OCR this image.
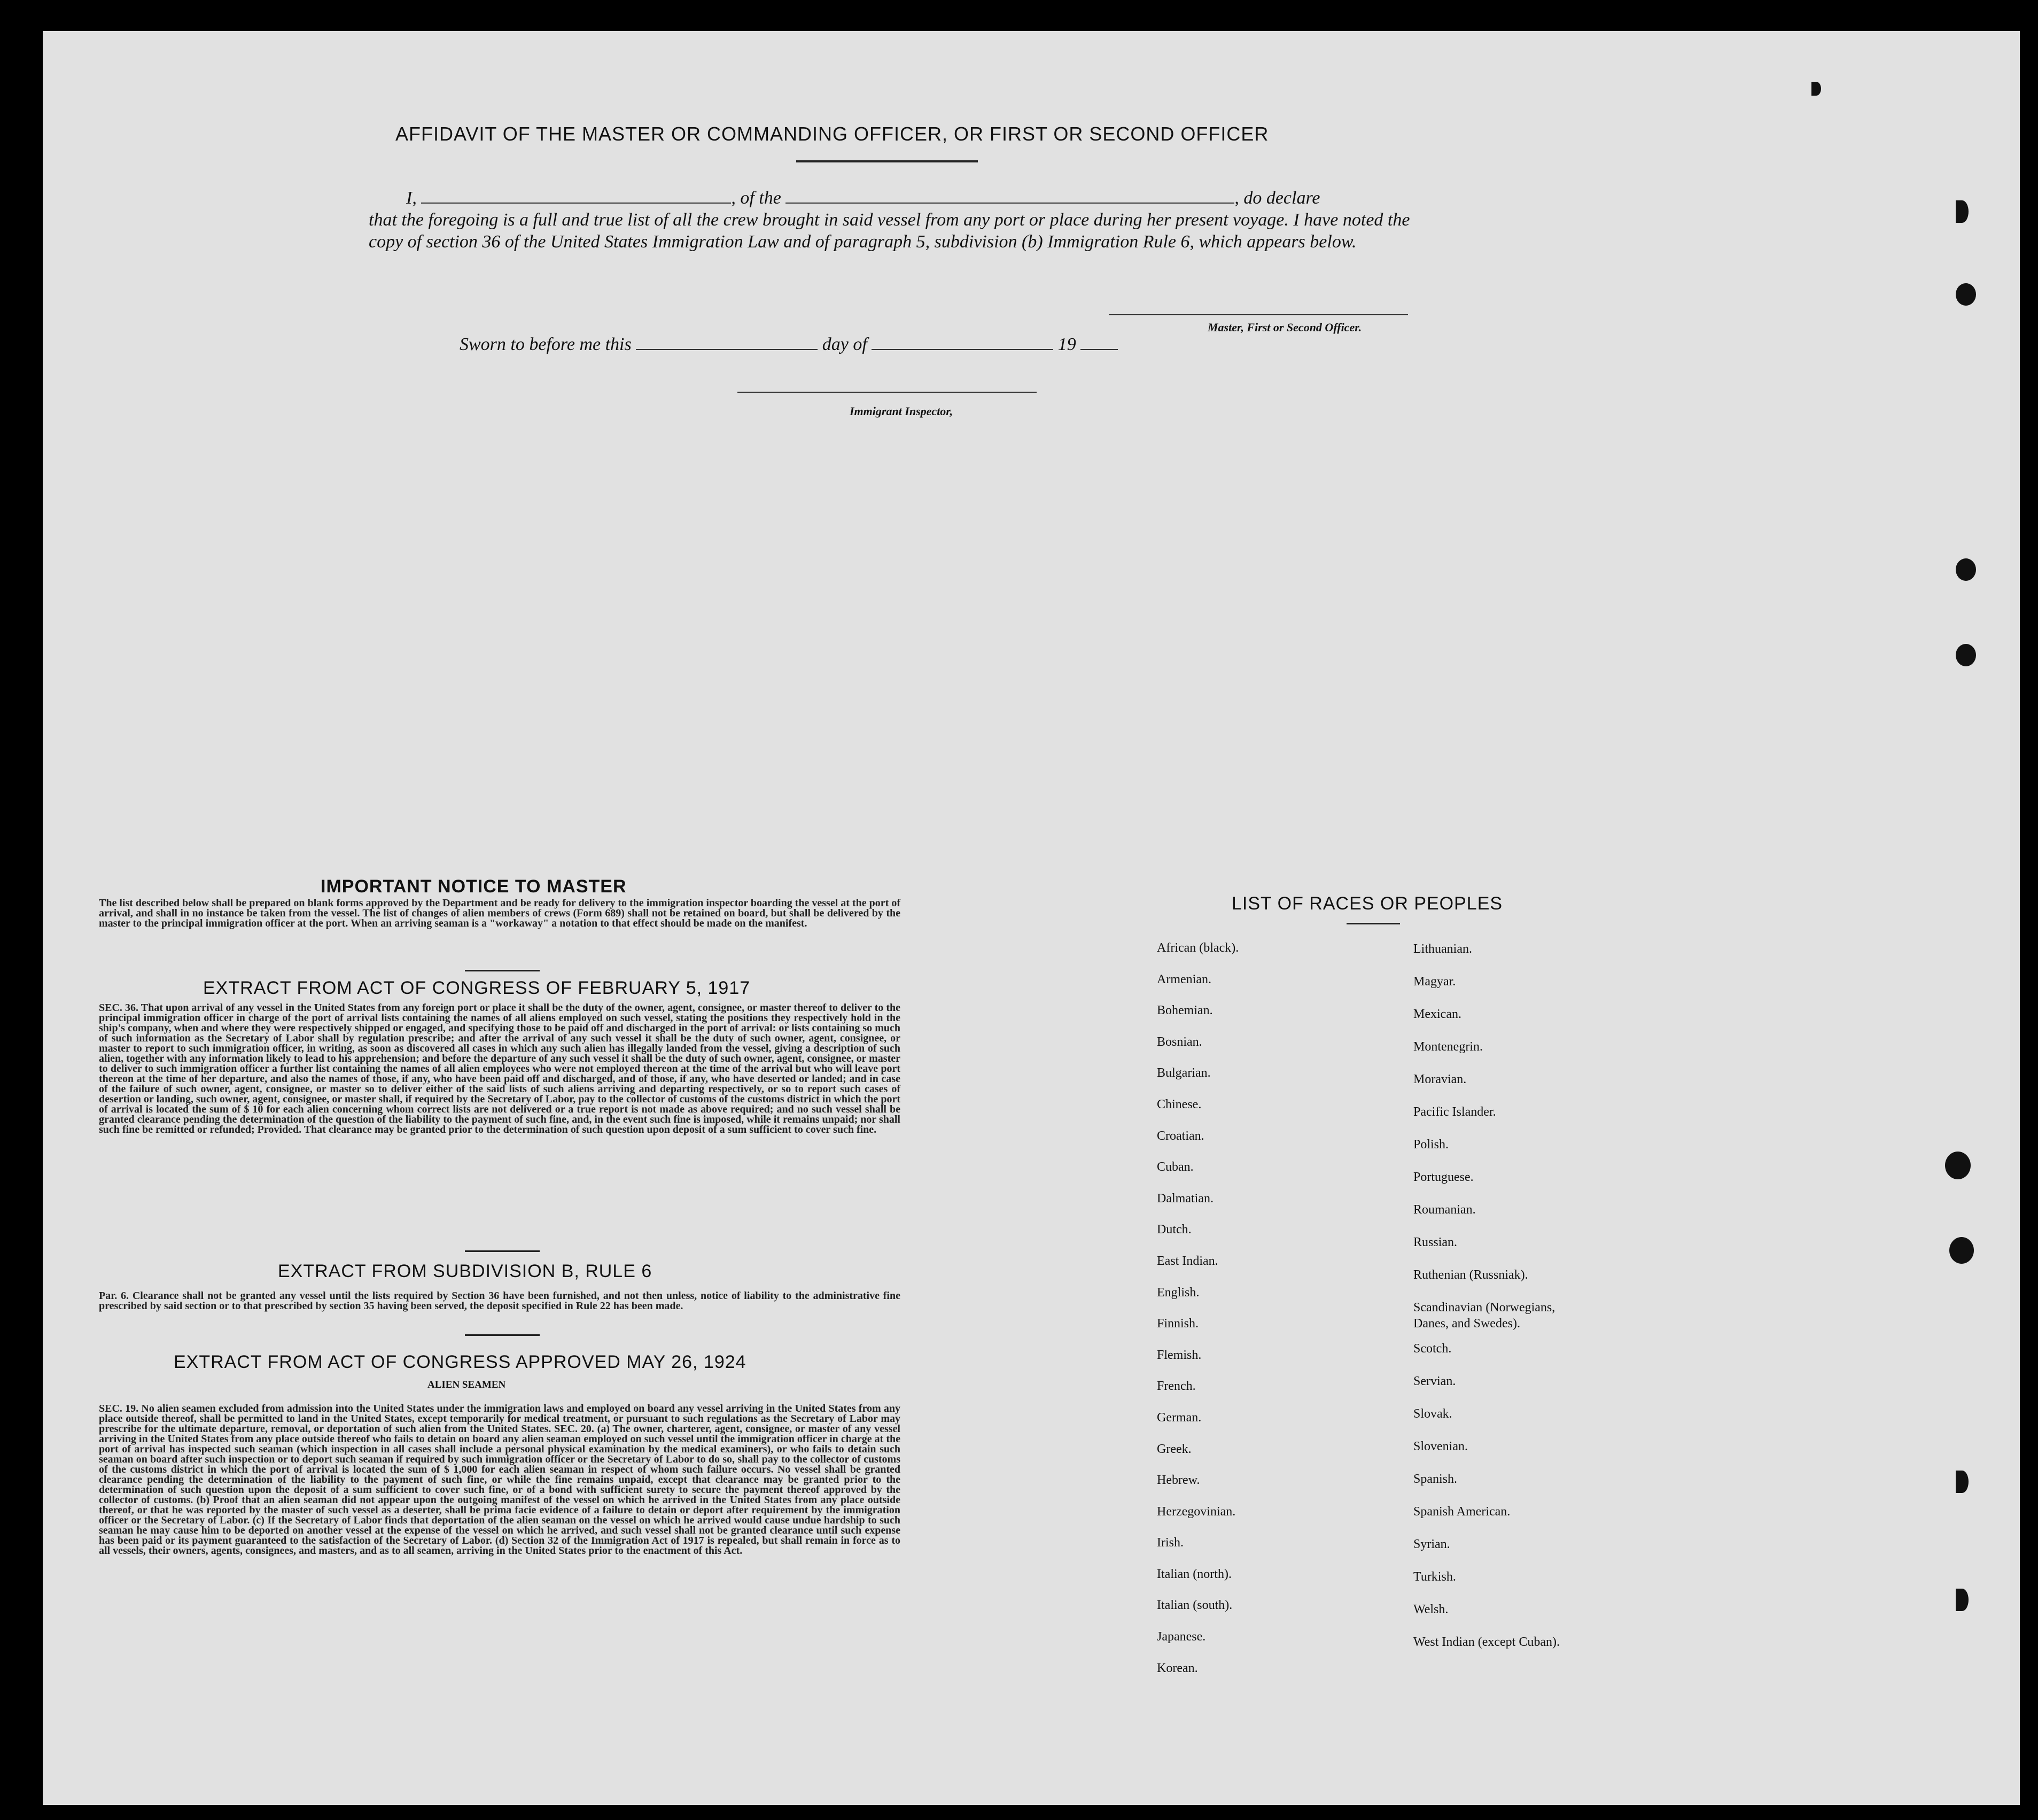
AFFIDAVIT OF THE MASTER OR COMMANDING OFFICER, OR FIRST OR SECOND OFFICER
I,	, of the	, do declare
that the foregoing is a full and true list of all the crew brought in said vessel from any port or place during her present voyage. I have noted the copy of section 36 of the United States Immigration Law and of paragraph 5, subdivision (b) Immigration Rule 6, which appears below.
Master, First or Second Officer.
Sworn to before me this	day of	19
Immigrant Inspector,
IMPORTANT NOTICE TO MASTER
The list described below shall be prepared on blank forms approved by the Department and be ready for delivery to the immigration inspector boarding the vessel at the port of arrival, and shall in no instance be taken from the vessel. The list of changes of alien members of crews (Form 689) shall not be retained on board, but shall be delivered by the master to the principal immigration officer at the port. When an arriving seaman is a "workaway" a notation to that effect should be made on the manifest.
EXTRACT FROM ACT OF CONGRESS OF FEBRUARY 5, 1917
SEC. 36. That upon arrival of any vessel in the United States from any foreign port or place it shall be the duty of the owner, agent, consignee, or master thereof to deliver to the principal immigration officer in charge of the port of arrival lists containing the names of all aliens employed on such vessel, stating the positions they respectively hold in the ship's company, when and where they were respectively shipped or engaged, and specifying those to be paid off and discharged in the port of arrival: or lists containing so much of such information as the Secretary of Labor shall by regulation prescribe; and after the arrival of any such vessel it shall be the duty of such owner, agent, consignee, or master to report to such immigration officer, in writing, as soon as discovered all cases in which any such alien has illegally landed from the vessel, giving a description of such alien, together with any information likely to lead to his apprehension; and before the departure of any such vessel it shall be the duty of such owner, agent, consignee, or master to deliver to such immigration officer a further list containing the names of all alien employees who were not employed thereon at the time of the arrival but who will leave port thereon at the time of her departure, and also the names of those, if any, who have been paid off and discharged, and of those, if any, who have deserted or landed; and in case of the failure of such owner, agent, consignee, or master so to deliver either of the said lists of such aliens arriving and departing respectively, or so to report such cases of desertion or landing, such owner, agent, consignee, or master shall, if required by the Secretary of Labor, pay to the collector of customs of the customs district in which the port of arrival is located the sum of $ 10 for each alien concerning whom correct lists are not delivered or a true report is not made as above required; and no such vessel shall be granted clearance pending the determination of the question of the liability to the payment of such fine, and, in the event such fine is imposed, while it remains unpaid; nor shall such fine be remitted or refunded; Provided. That clearance may be granted prior to the determination of such question upon deposit of a sum sufficient to cover such fine.
EXTRACT FROM SUBDIVISION B, RULE 6
Par. 6. Clearance shall not be granted any vessel until the lists required by Section 36 have been furnished, and not then unless, notice of liability to the administrative fine prescribed by said section or to that prescribed by section 35 having been served, the deposit specified in Rule 22 has been made.
EXTRACT FROM ACT OF CONGRESS APPROVED MAY 26, 1924
ALIEN SEAMEN
SEC. 19. No alien seamen excluded from admission into the United States under the immigration laws and employed on board any vessel arriving in the United States from any place outside thereof, shall be permitted to land in the United States, except temporarily for medical treatment, or pursuant to such regulations as the Secretary of Labor may prescribe for the ultimate departure, removal, or deportation of such alien from the United States. SEC. 20. (a) The owner, charterer, agent, consignee, or master of any vessel arriving in the United States from any place outside thereof who fails to detain on board any alien seaman employed on such vessel until the immigration officer in charge at the port of arrival has inspected such seaman (which inspection in all cases shall include a personal physical examination by the medical examiners), or who fails to detain such seaman on board after such inspection or to deport such seaman if required by such immigration officer or the Secretary of Labor to do so, shall pay to the collector of customs of the customs district in which the port of arrival is located the sum of $ 1,000 for each alien seaman in respect of whom such failure occurs. No vessel shall be granted clearance pending the determination of the liability to the payment of such fine, or while the fine remains unpaid, except that clearance may be granted prior to the determination of such question upon the deposit of a sum sufficient to cover such fine, or of a bond with sufficient surety to secure the payment thereof approved by the collector of customs. (b) Proof that an alien seaman did not appear upon the outgoing manifest of the vessel on which he arrived in the United States from any place outside thereof, or that he was reported by the master of such vessel as a deserter, shall be prima facie evidence of a failure to detain or deport after requirement by the immigration officer or the Secretary of Labor. (c) If the Secretary of Labor finds that deportation of the alien seaman on the vessel on which he arrived would cause undue hardship to such seaman he may cause him to be deported on another vessel at the expense of the vessel on which he arrived, and such vessel shall not be granted clearance until such expense has been paid or its payment guaranteed to the satisfaction of the Secretary of Labor. (d) Section 32 of the Immigration Act of 1917 is repealed, but shall remain in force as to all vessels, their owners, agents, consignees, and masters, and as to all seamen, arriving in the United States prior to the enactment of this Act.
LIST OF RACES OR PEOPLES
African (black).
Armenian.
Bohemian.
Bosnian.
Bulgarian.
Chinese.
Croatian.
Cuban.
Dalmatian.
Dutch.
East Indian.
English.
Finnish.
Flemish.
French.
German.
Greek.
Hebrew.
Herzegovinian.
Irish.
Italian (north).
Italian (south).
Japanese.
Korean.
Lithuanian.
Magyar.
Mexican.
Montenegrin.
Moravian.
Pacific Islander.
Polish.
Portuguese.
Roumanian.
Russian.
Ruthenian (Russniak).
Scandinavian (Norwegians,
Danes, and Swedes).
Scotch.
Servian.
Slovak.
Slovenian.
Spanish.
Spanish American.
Syrian.
Turkish.
Welsh.
West Indian (except Cuban).
